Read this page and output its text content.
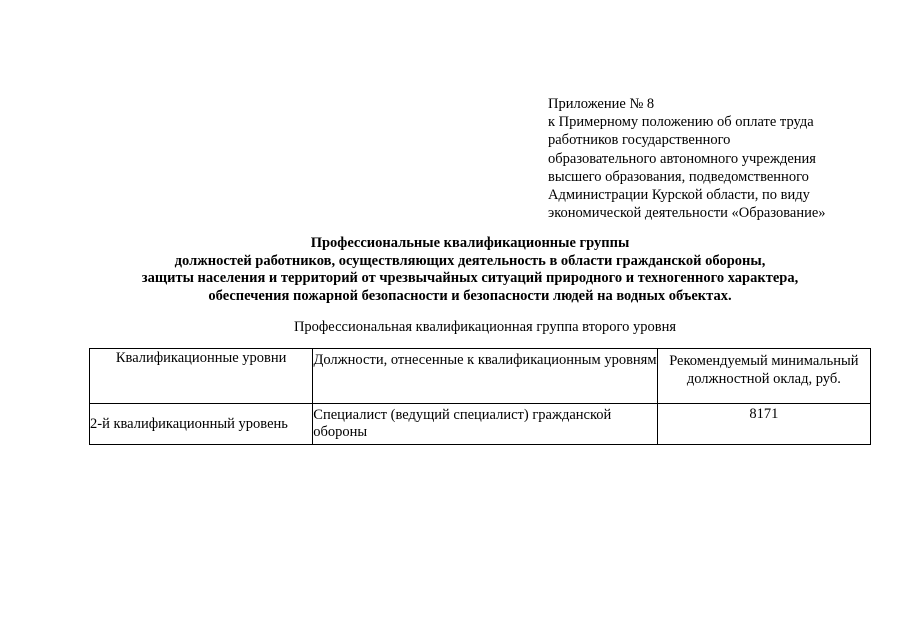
Приложение № 8
к Примерному положению об оплате труда
работников государственного
образовательного автономного учреждения
высшего образования, подведомственного
Администрации Курской области, по виду
экономической деятельности «Образование»
Профессиональные квалификационные группы
должностей работников, осуществляющих деятельность в области гражданской обороны,
защиты населения и территорий от чрезвычайных ситуаций природного и техногенного характера,
обеспечения пожарной безопасности и безопасности людей на водных объектах.
Профессиональная квалификационная группа второго уровня
Квалификационные уровни	Должности, отнесенные к квалификационным уровням	Рекомендуемый минимальный должностной оклад, руб.
2-й квалификационный уровень	Специалист (ведущий специалист) гражданской обороны	8171
